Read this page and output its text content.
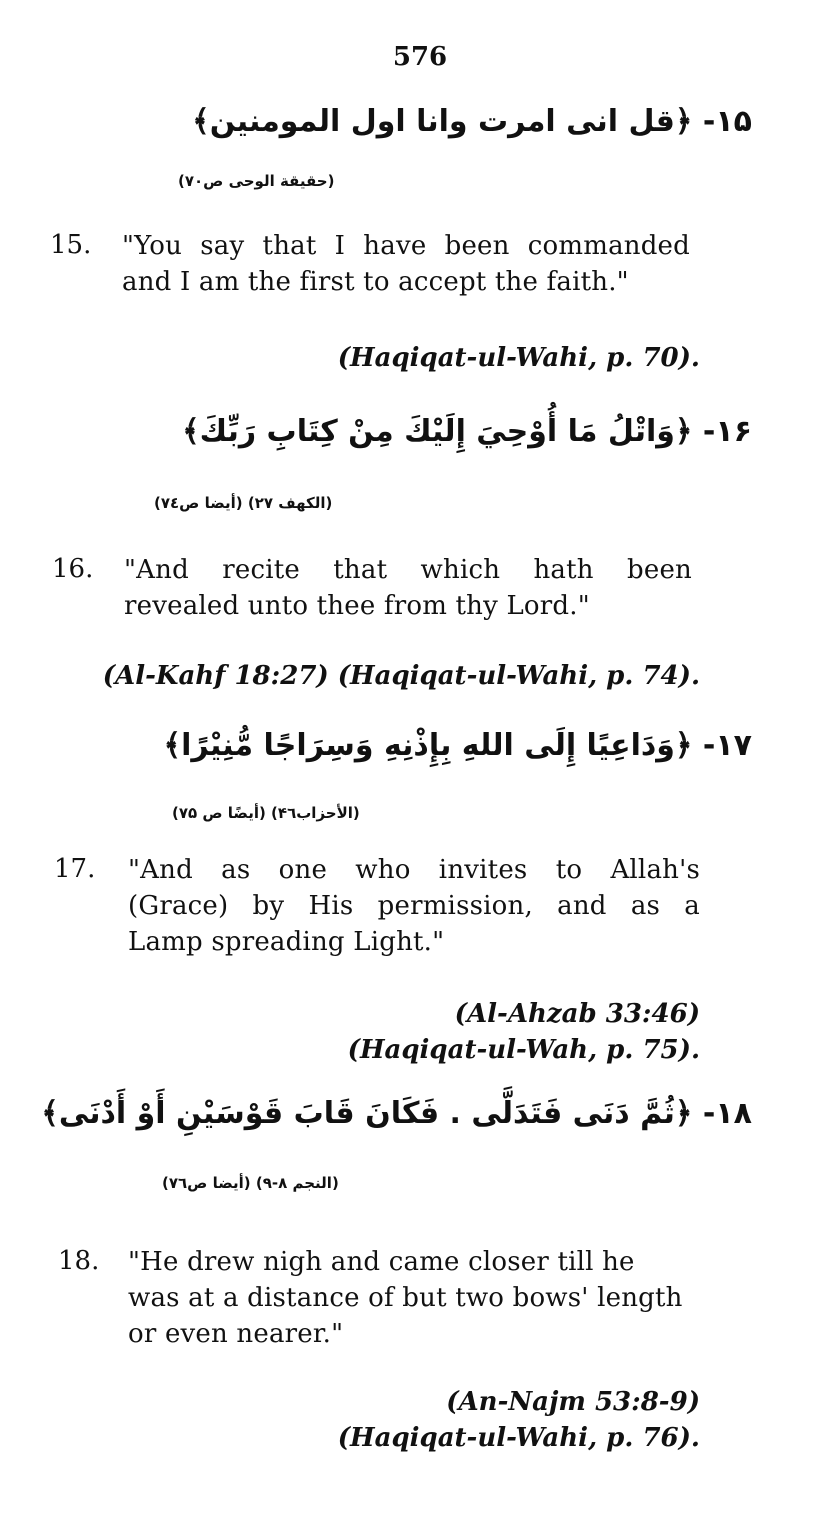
576
۱۵- ﴿قل انی امرت وانا اول المومنین﴾
(حقیقة الوحی ص۷۰)
15. "You say that I have been commanded
and I am the first to accept the faith."
(Haqiqat-ul-Wahi, p. 70).
۱۶- ﴿وَاتْلُ مَا أُوْحِيَ إِلَيْكَ مِنْ كِتَابِ رَبِّكَ﴾
(الكهف ۲۷) (أيضا ص۷٤)
16. "And recite that which hath been
revealed unto thee from thy Lord."
(Al-Kahf 18:27) (Haqiqat-ul-Wahi, p. 74).
۱۷- ﴿وَدَاعِيًا إِلَى اللهِ بِإِذْنِهِ وَسِرَاجًا مُّنِيْرًا﴾
(الأحزاب۴٦) (أيضًا ص ۷۵)
17. "And as one who invites to Allah's
(Grace) by His permission, and as a
Lamp spreading Light."
(Al-Ahzab 33:46)
(Haqiqat-ul-Wah, p. 75).
۱۸- ﴿ثُمَّ دَنَى فَتَدَلَّى . فَكَانَ قَابَ قَوْسَيْنِ أَوْ أَدْنَى﴾
(النجم ۸-۹) (أيضا ص۷٦)
18. "He drew nigh and came closer till he
was at a distance of but two bows' length
or even nearer."
(An-Najm 53:8-9)
(Haqiqat-ul-Wahi, p. 76).
